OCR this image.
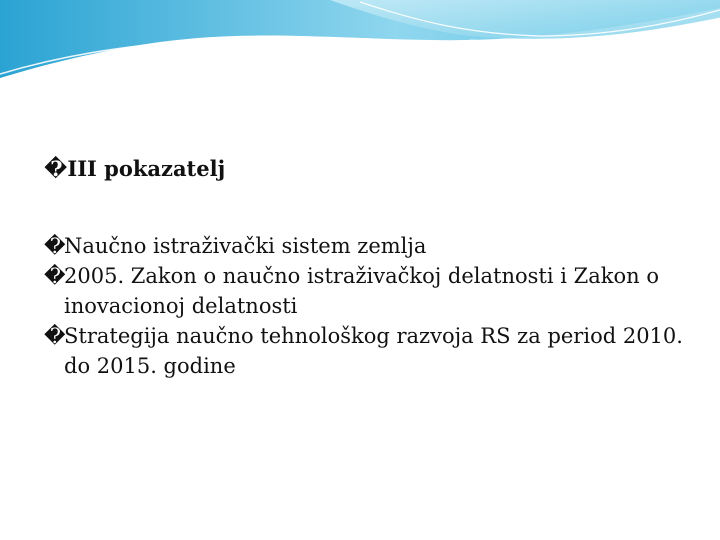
�III pokazatelj
�Naučno istraživački sistem zemlja
�2005. Zakon o naučno istraživačkoj delatnosti i Zakon o inovacionoj delatnosti
�Strategija naučno tehnološkog razvoja RS za period 2010. do 2015. godine
